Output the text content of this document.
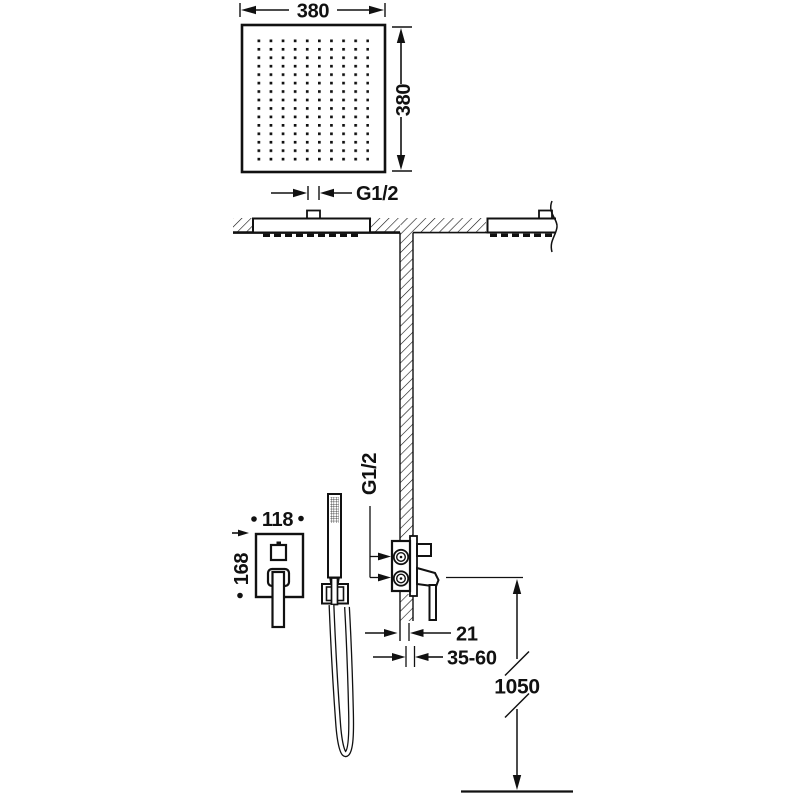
380
380
G1/2
G1/2
118
168
21
35-60
1050
